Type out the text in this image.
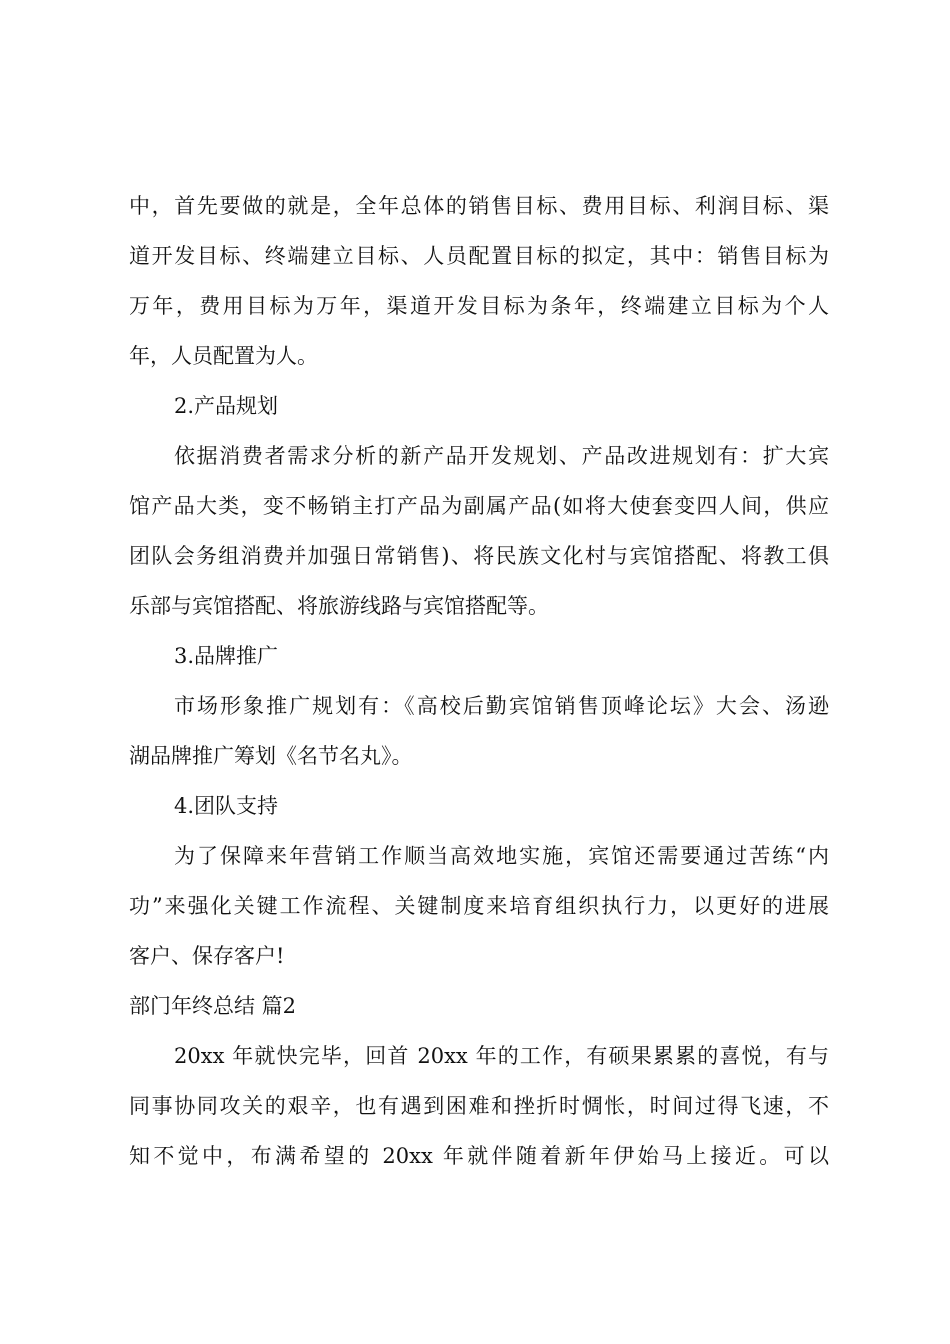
中，首先要做的就是，全年总体的销售目标、费用目标、利润目标、渠
道开发目标、终端建立目标、人员配置目标的拟定，其中：销售目标为
万年，费用目标为万年，渠道开发目标为条年，终端建立目标为个人
年，人员配置为人。
2.产品规划
依据消费者需求分析的新产品开发规划、产品改进规划有：扩大宾
馆产品大类，变不畅销主打产品为副属产品(如将大使套变四人间，供应
团队会务组消费并加强日常销售)、将民族文化村与宾馆搭配、将教工俱
乐部与宾馆搭配、将旅游线路与宾馆搭配等。
3.品牌推广
市场形象推广规划有：《高校后勤宾馆销售顶峰论坛》大会、汤逊
湖品牌推广筹划《名节名丸》。
4.团队支持
为了保障来年营销工作顺当高效地实施，宾馆还需要通过苦练“内
功”来强化关键工作流程、关键制度来培育组织执行力，以更好的进展
客户、保存客户!
部门年终总结 篇2
20xx 年就快完毕，回首 20xx 年的工作，有硕果累累的喜悦，有与
同事协同攻关的艰辛，也有遇到困难和挫折时惆怅，时间过得飞速，不
知不觉中，布满希望的 20xx 年就伴随着新年伊始马上接近。可以
